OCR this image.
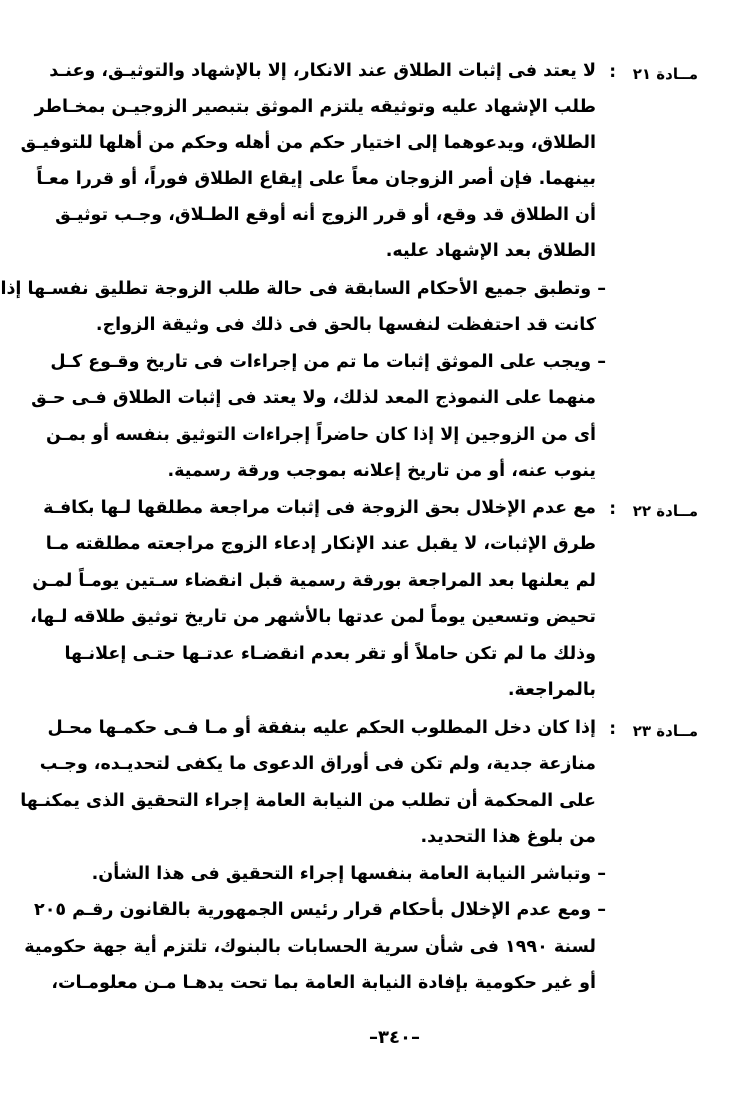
مــادة ٢١
:
لا يعتد فى إثبات الطلاق عند الانكار، إلا بالإشهاد والتوثيـق، وعنـد
طلب الإشهاد عليه وتوثيقه يلتزم الموثق بتبصير الزوجيـن بمخـاطر
الطلاق، ويدعوهما إلى اختيار حكم من أهله وحكم من أهلها للتوفيـق
بينهما. فإن أصر الزوجان معاً على إيقاع الطلاق فوراً، أو قررا معـاً
أن الطلاق قد وقع، أو قرر الزوج أنه أوقع الطـلاق، وجـب توثيـق
الطلاق بعد الإشهاد عليه.
– وتطبق جميع الأحكام السابقة فى حالة طلب الزوجة تطليق نفسـها إذا
كانت قد احتفظت لنفسها بالحق فى ذلك فى وثيقة الزواج.
– ويجب على الموثق إثبات ما تم من إجراءات فى تاريخ وقـوع كـل
منهما على النموذج المعد لذلك، ولا يعتد فى إثبات الطلاق فـى حـق
أى من الزوجين إلا إذا كان حاضراً إجراءات التوثيق بنفسه أو بمـن
ينوب عنه، أو من تاريخ إعلانه بموجب ورقة رسمية.
مــادة ٢٢
:
مع عدم الإخلال بحق الزوجة فى إثبات مراجعة مطلقها لـها بكافـة
طرق الإثبات، لا يقبل عند الإنكار إدعاء الزوج مراجعته مطلقته مـا
لم يعلنها بعد المراجعة بورقة رسمية قبل انقضاء سـتين يومـاً لمـن
تحيض وتسعين يوماً لمن عدتها بالأشهر من تاريخ توثيق طلاقه لـها،
وذلك ما لم تكن حاملاً أو تقر بعدم انقضـاء عدتـها حتـى إعلانـها
بالمراجعة.
مــادة ٢٣
:
إذا كان دخل المطلوب الحكم عليه بنفقة أو مـا فـى حكمـها محـل
منازعة جدية، ولم تكن فى أوراق الدعوى ما يكفى لتحديـده، وجـب
على المحكمة أن تطلب من النيابة العامة إجراء التحقيق الذى يمكنـها
من بلوغ هذا التحديد.
– وتباشر النيابة العامة بنفسها إجراء التحقيق فى هذا الشأن.
– ومع عدم الإخلال بأحكام قرار رئيس الجمهورية بالقانون رقـم ٢٠٥
لسنة ١٩٩٠ فى شأن سرية الحسابات بالبنوك، تلتزم أية جهة حكومية
أو غير حكومية بإفادة النيابة العامة بما تحت يدهـا مـن معلومـات،
–٣٤٠–
